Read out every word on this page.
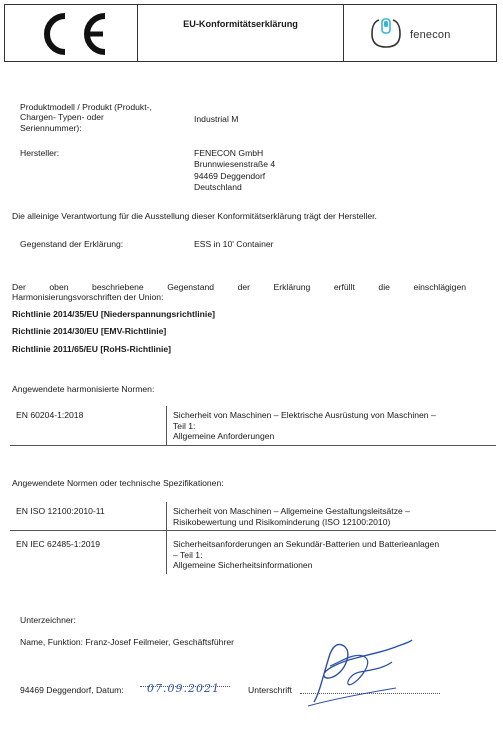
EU-Konformitätserklärung
fenecon
Produktmodell / Produkt (Produkt-,
Chargen- Typen- oder
Seriennummer):
Industrial M
Hersteller:	FENECON GmbH
Brunnwiesenstraße 4
94469 Deggendorf
Deutschland
Die alleinige Verantwortung für die Ausstellung dieser Konformitätserklärung trägt der Hersteller.
Gegenstand der Erklärung:	ESS in 10' Container
Der oben beschriebene Gegenstand der Erklärung erfüllt die einschlägigen
Harmonisierungsvorschriften der Union:
Richtlinie 2014/35/EU [Niederspannungsrichtlinie]
Richtlinie 2014/30/EU [EMV-Richtlinie]
Richtlinie 2011/65/EU [RoHS-Richtlinie]
Angewendete harmonisierte Normen:
EN 60204-1:2018	Sicherheit von Maschinen – Elektrische Ausrüstung von Maschinen –
Teil 1:
Allgemeine Anforderungen
Angewendete Normen oder technische Spezifikationen:
EN ISO 12100:2010-11	Sicherheit von Maschinen – Allgemeine Gestaltungsleitsätze –
Risikobewertung und Risikominderung (ISO 12100:2010)

EN IEC 62485-1:2019	Sicherheitsanforderungen an Sekundär-Batterien und Batterieanlagen
– Teil 1:
Allgemeine Sicherheitsinformationen
Unterzeichner:
Name, Funktion: Franz-Josef Feilmeier, Geschäftsführer
94469 Deggendorf, Datum: 07.09.2021	Unterschrift
